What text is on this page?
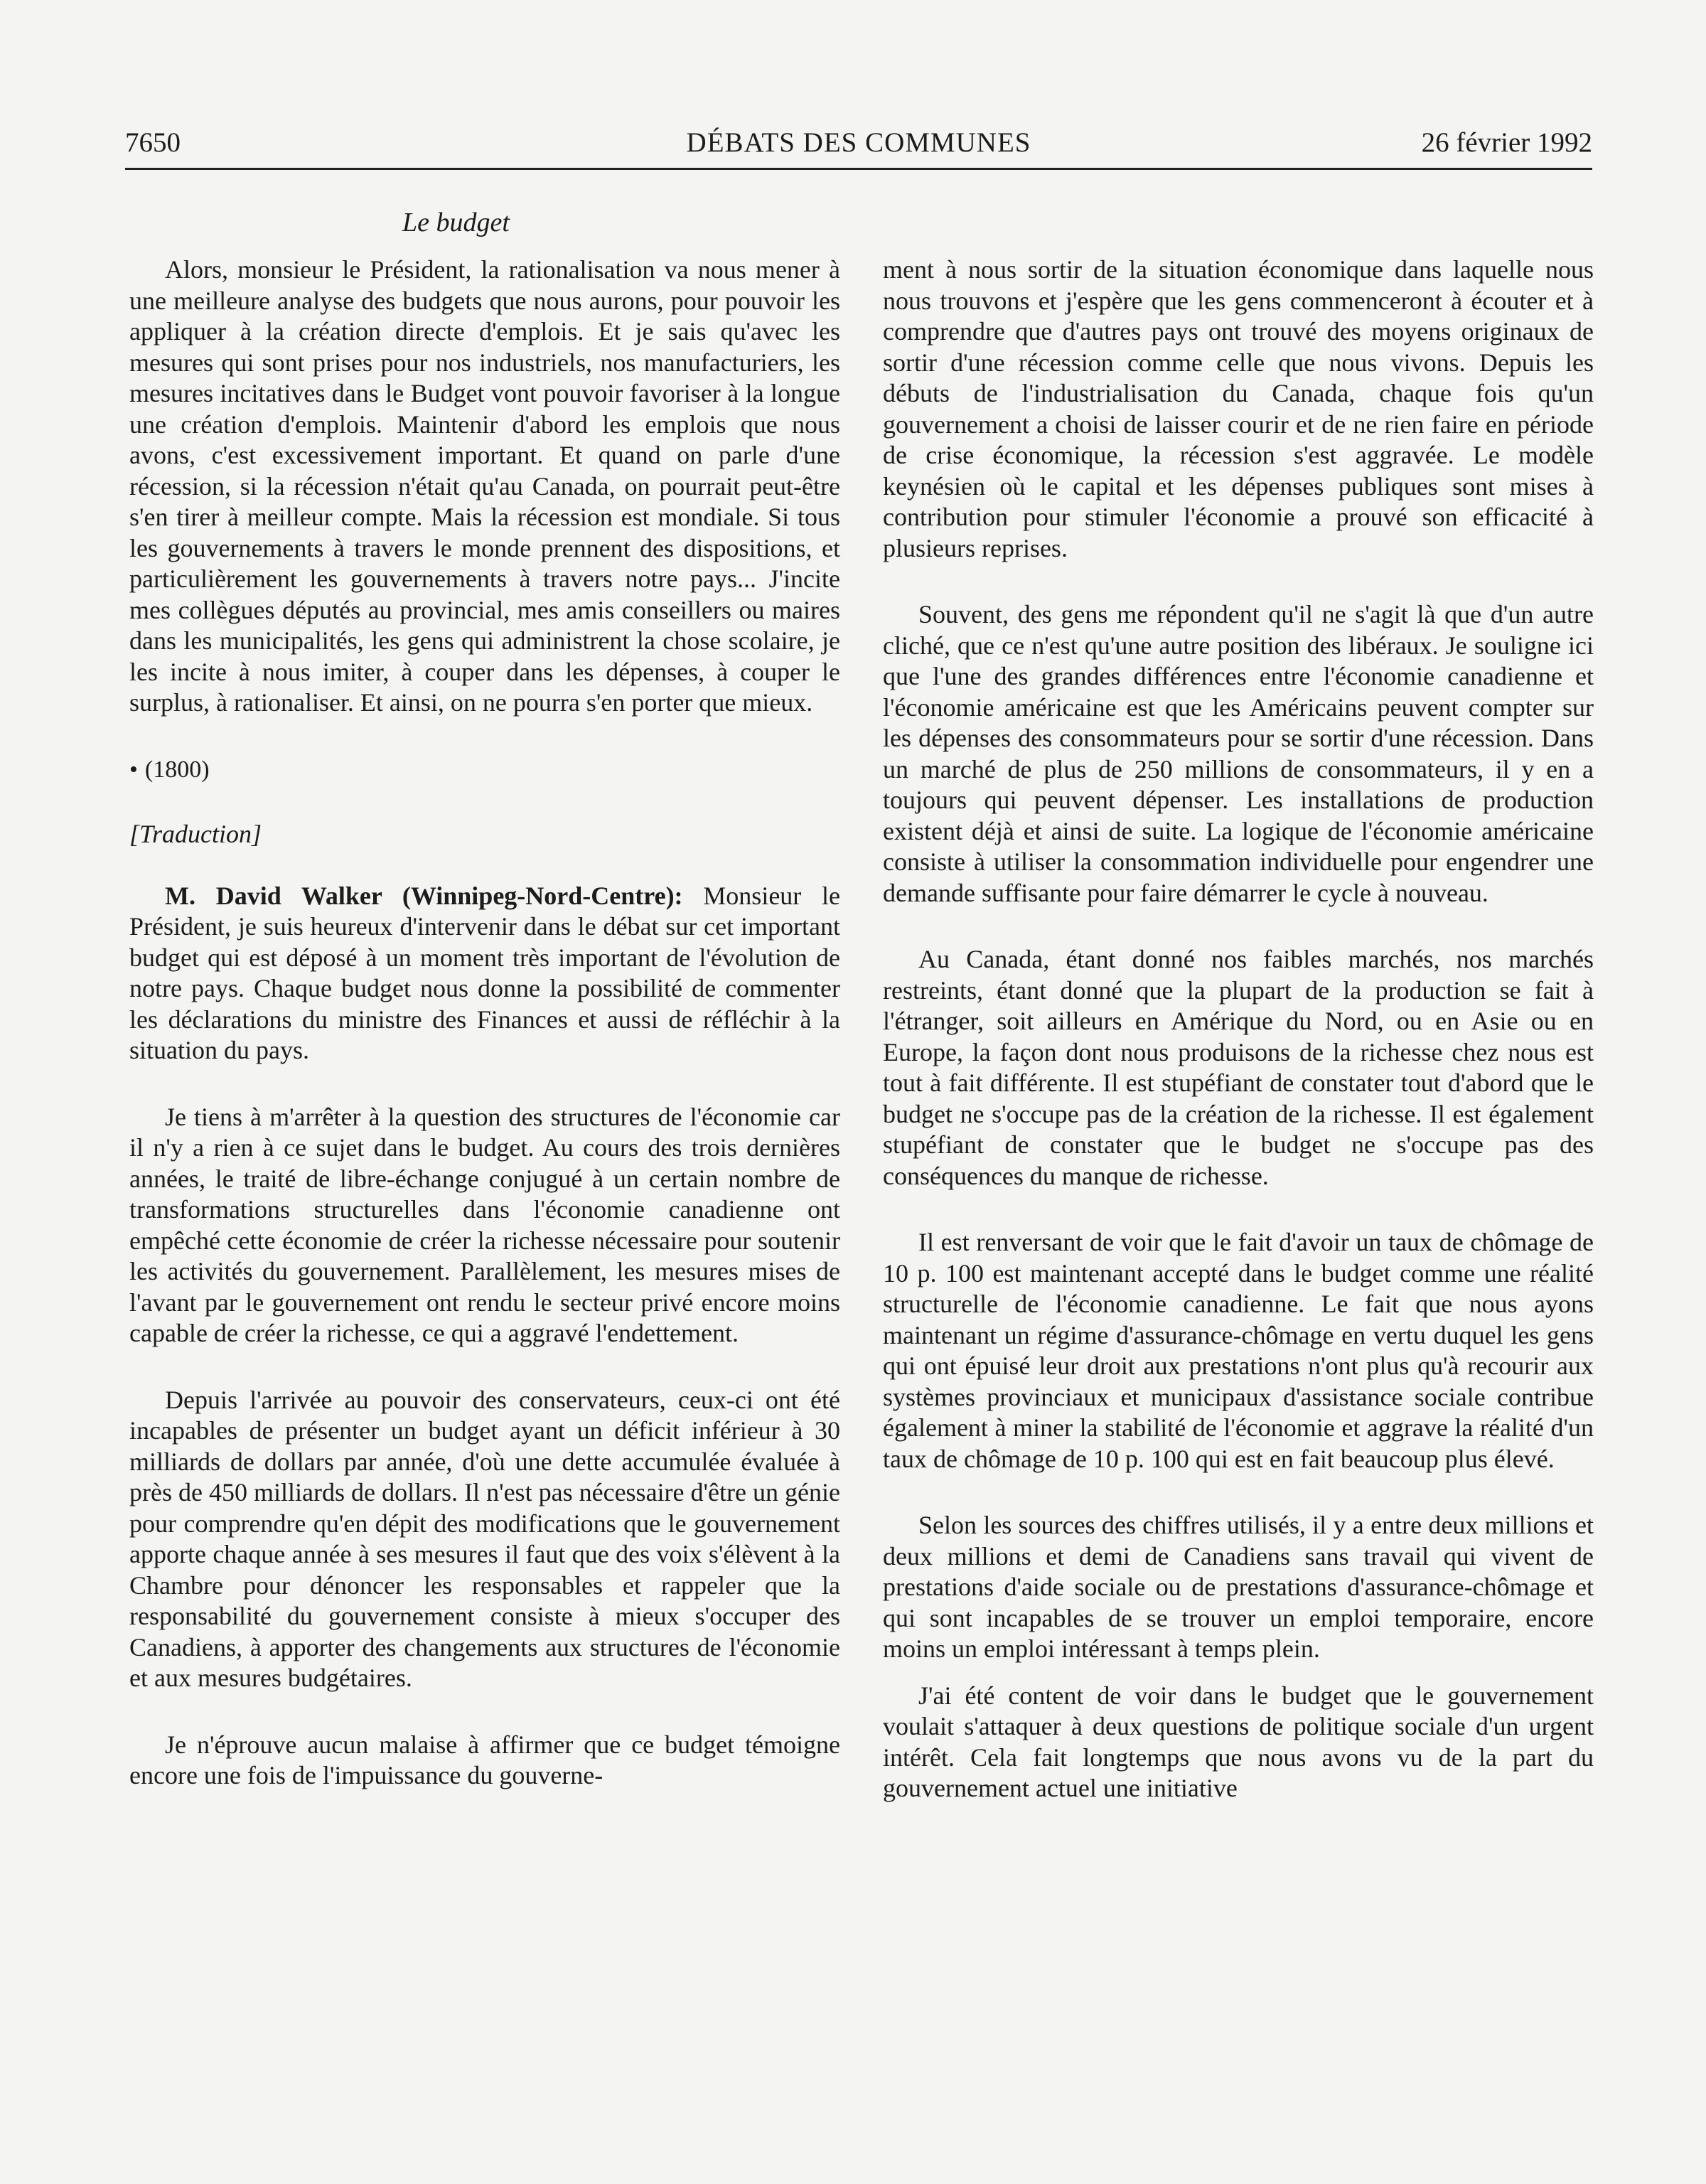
7650	DÉBATS DES COMMUNES	26 février 1992
Le budget

Alors, monsieur le Président, la rationalisation va nous mener à une meilleure analyse des budgets que nous aurons, pour pouvoir les appliquer à la création directe d'emplois. Et je sais qu'avec les mesures qui sont prises pour nos industriels, nos manufacturiers, les mesures incitatives dans le Budget vont pouvoir favoriser à la longue une création d'emplois. Maintenir d'abord les emplois que nous avons, c'est excessivement important. Et quand on parle d'une récession, si la récession n'était qu'au Canada, on pourrait peut-être s'en tirer à meilleur compte. Mais la récession est mondiale. Si tous les gouvernements à travers le monde prennent des dispositions, et particulièrement les gouvernements à travers notre pays... J'incite mes collègues députés au provincial, mes amis conseillers ou maires dans les municipalités, les gens qui administrent la chose scolaire, je les incite à nous imiter, à couper dans les dépenses, à couper le surplus, à rationaliser. Et ainsi, on ne pourra s'en porter que mieux.

• (1800)
[Traduction]

M. David Walker (Winnipeg-Nord-Centre): Monsieur le Président, je suis heureux d'intervenir dans le débat sur cet important budget qui est déposé à un moment très important de l'évolution de notre pays. Chaque budget nous donne la possibilité de commenter les déclarations du ministre des Finances et aussi de réfléchir à la situation du pays.

Je tiens à m'arrêter à la question des structures de l'économie car il n'y a rien à ce sujet dans le budget. Au cours des trois dernières années, le traité de libre-échange conjugué à un certain nombre de transformations structurelles dans l'économie canadienne ont empêché cette économie de créer la richesse nécessaire pour soutenir les activités du gouvernement. Parallèlement, les mesures mises de l'avant par le gouvernement ont rendu le secteur privé encore moins capable de créer la richesse, ce qui a aggravé l'endettement.

Depuis l'arrivée au pouvoir des conservateurs, ceux-ci ont été incapables de présenter un budget ayant un déficit inférieur à 30 milliards de dollars par année, d'où une dette accumulée évaluée à près de 450 milliards de dollars. Il n'est pas nécessaire d'être un génie pour comprendre qu'en dépit des modifications que le gouvernement apporte chaque année à ses mesures il faut que des voix s'élèvent à la Chambre pour dénoncer les responsables et rappeler que la responsabilité du gouvernement consiste à mieux s'occuper des Canadiens, à apporter des changements aux structures de l'économie et aux mesures budgétaires.

Je n'éprouve aucun malaise à affirmer que ce budget témoigne encore une fois de l'impuissance du gouverne-

ment à nous sortir de la situation économique dans laquelle nous nous trouvons et j'espère que les gens commenceront à écouter et à comprendre que d'autres pays ont trouvé des moyens originaux de sortir d'une récession comme celle que nous vivons. Depuis les débuts de l'industrialisation du Canada, chaque fois qu'un gouvernement a choisi de laisser courir et de ne rien faire en période de crise économique, la récession s'est aggravée. Le modèle keynésien où le capital et les dépenses publiques sont mises à contribution pour stimuler l'économie a prouvé son efficacité à plusieurs reprises.

Souvent, des gens me répondent qu'il ne s'agit là que d'un autre cliché, que ce n'est qu'une autre position des libéraux. Je souligne ici que l'une des grandes différences entre l'économie canadienne et l'économie américaine est que les Américains peuvent compter sur les dépenses des consommateurs pour se sortir d'une récession. Dans un marché de plus de 250 millions de consommateurs, il y en a toujours qui peuvent dépenser. Les installations de production existent déjà et ainsi de suite. La logique de l'économie américaine consiste à utiliser la consommation individuelle pour engendrer une demande suffisante pour faire démarrer le cycle à nouveau.

Au Canada, étant donné nos faibles marchés, nos marchés restreints, étant donné que la plupart de la production se fait à l'étranger, soit ailleurs en Amérique du Nord, ou en Asie ou en Europe, la façon dont nous produisons de la richesse chez nous est tout à fait différente. Il est stupéfiant de constater tout d'abord que le budget ne s'occupe pas de la création de la richesse. Il est également stupéfiant de constater que le budget ne s'occupe pas des conséquences du manque de richesse.

Il est renversant de voir que le fait d'avoir un taux de chômage de 10 p. 100 est maintenant accepté dans le budget comme une réalité structurelle de l'économie canadienne. Le fait que nous ayons maintenant un régime d'assurance-chômage en vertu duquel les gens qui ont épuisé leur droit aux prestations n'ont plus qu'à recourir aux systèmes provinciaux et municipaux d'assistance sociale contribue également à miner la stabilité de l'économie et aggrave la réalité d'un taux de chômage de 10 p. 100 qui est en fait beaucoup plus élevé.

Selon les sources des chiffres utilisés, il y a entre deux millions et deux millions et demi de Canadiens sans travail qui vivent de prestations d'aide sociale ou de prestations d'assurance-chômage et qui sont incapables de se trouver un emploi temporaire, encore moins un emploi intéressant à temps plein.

J'ai été content de voir dans le budget que le gouvernement voulait s'attaquer à deux questions de politique sociale d'un urgent intérêt. Cela fait longtemps que nous avons vu de la part du gouvernement actuel une initiative
